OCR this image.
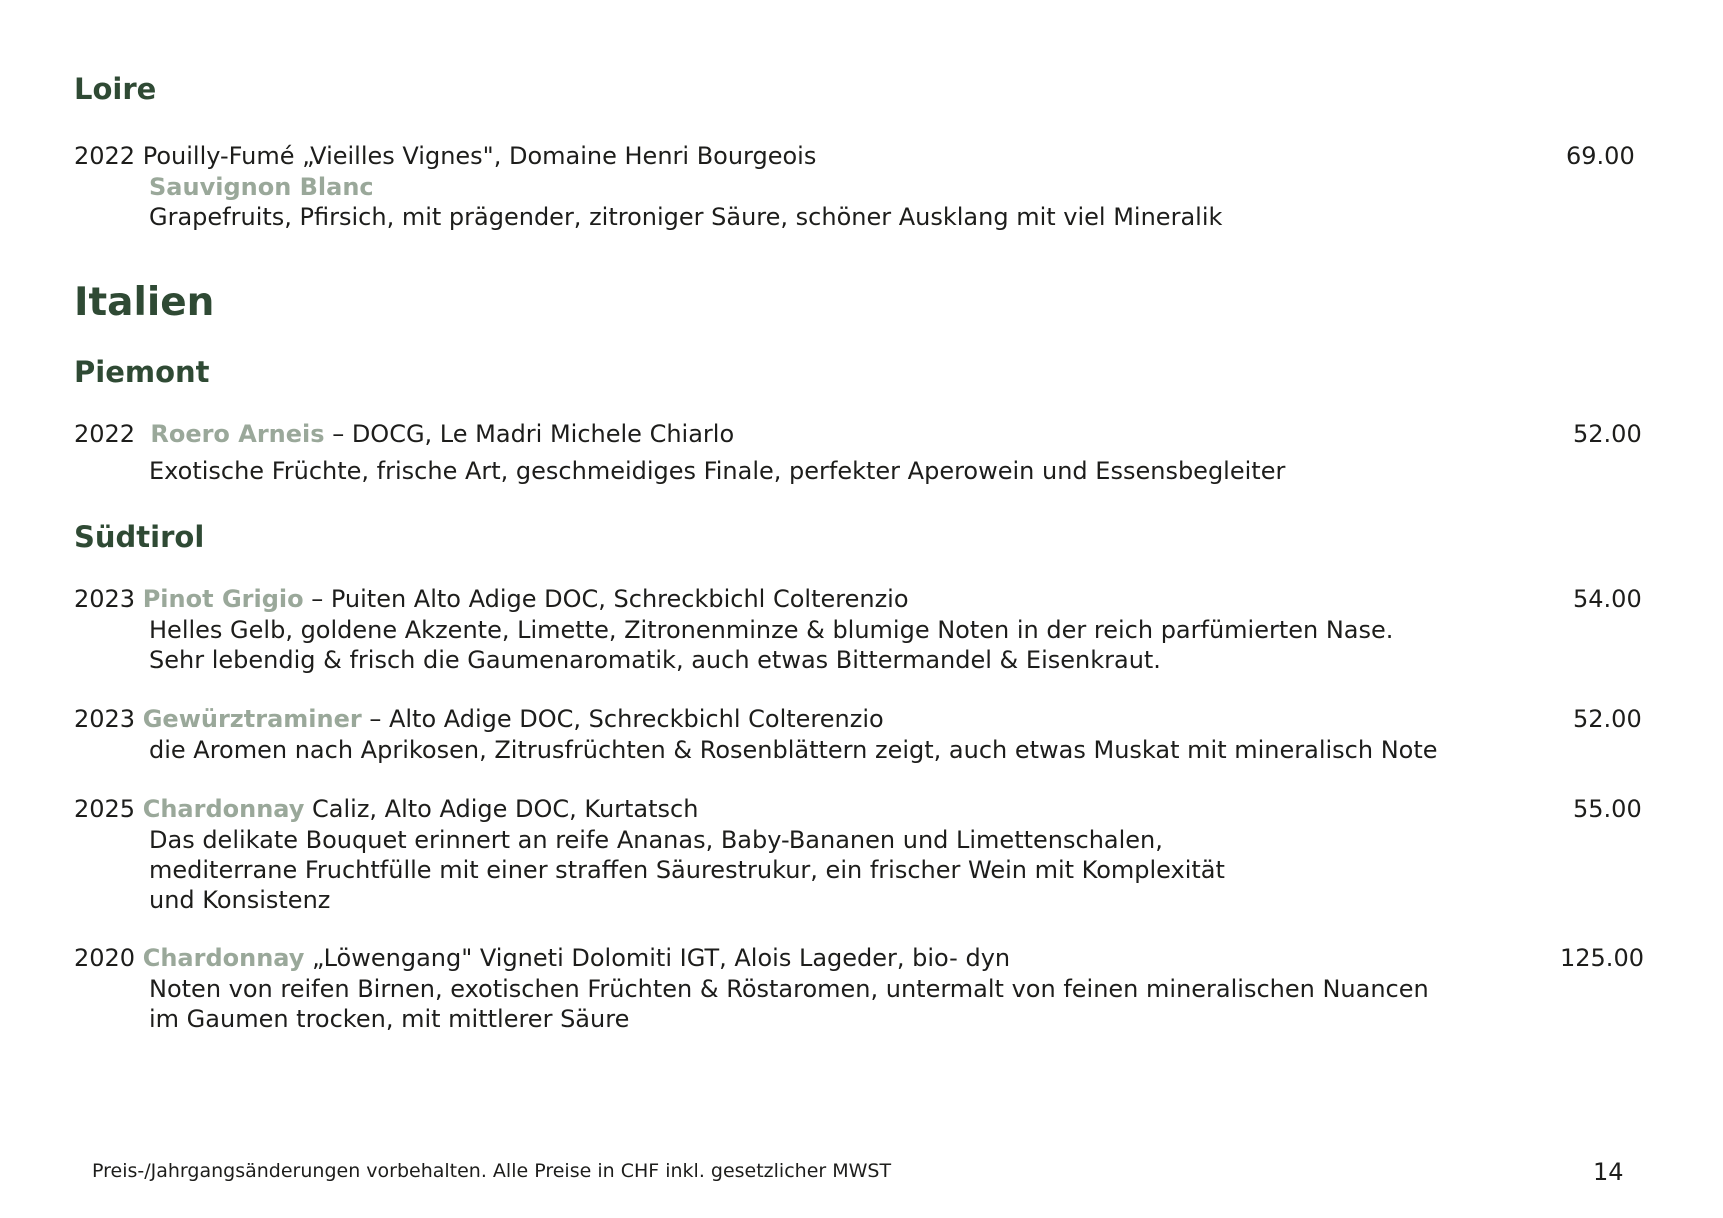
Loire
2022 Pouilly-Fumé „Vieilles Vignes", Domaine Henri Bourgeois	69.00
Sauvignon Blanc
Grapefruits, Pfirsich, mit prägender, zitroniger Säure, schöner Ausklang mit viel Mineralik
Italien
Piemont
2022 Roero Arneis – DOCG, Le Madri Michele Chiarlo	52.00
Exotische Früchte, frische Art, geschmeidiges Finale, perfekter Aperowein und Essensbegleiter
Südtirol
2023 Pinot Grigio – Puiten Alto Adige DOC, Schreckbichl Colterenzio	54.00
Helles Gelb, goldene Akzente, Limette, Zitronenminze & blumige Noten in der reich parfümierten Nase.
Sehr lebendig & frisch die Gaumenaromatik, auch etwas Bittermandel & Eisenkraut.
2023 Gewürztraminer – Alto Adige DOC, Schreckbichl Colterenzio	52.00
die Aromen nach Aprikosen, Zitrusfrüchten & Rosenblättern zeigt, auch etwas Muskat mit mineralisch Note
2025 Chardonnay Caliz, Alto Adige DOC, Kurtatsch	55.00
Das delikate Bouquet erinnert an reife Ananas, Baby-Bananen und Limettenschalen,
mediterrane Fruchtfülle mit einer straffen Säurestrukur, ein frischer Wein mit Komplexität
und Konsistenz
2020 Chardonnay „Löwengang" Vigneti Dolomiti IGT, Alois Lageder, bio- dyn	125.00
Noten von reifen Birnen, exotischen Früchten & Röstaromen, untermalt von feinen mineralischen Nuancen
im Gaumen trocken, mit mittlerer Säure
Preis-/Jahrgangsänderungen vorbehalten. Alle Preise in CHF inkl. gesetzlicher MWST	14
